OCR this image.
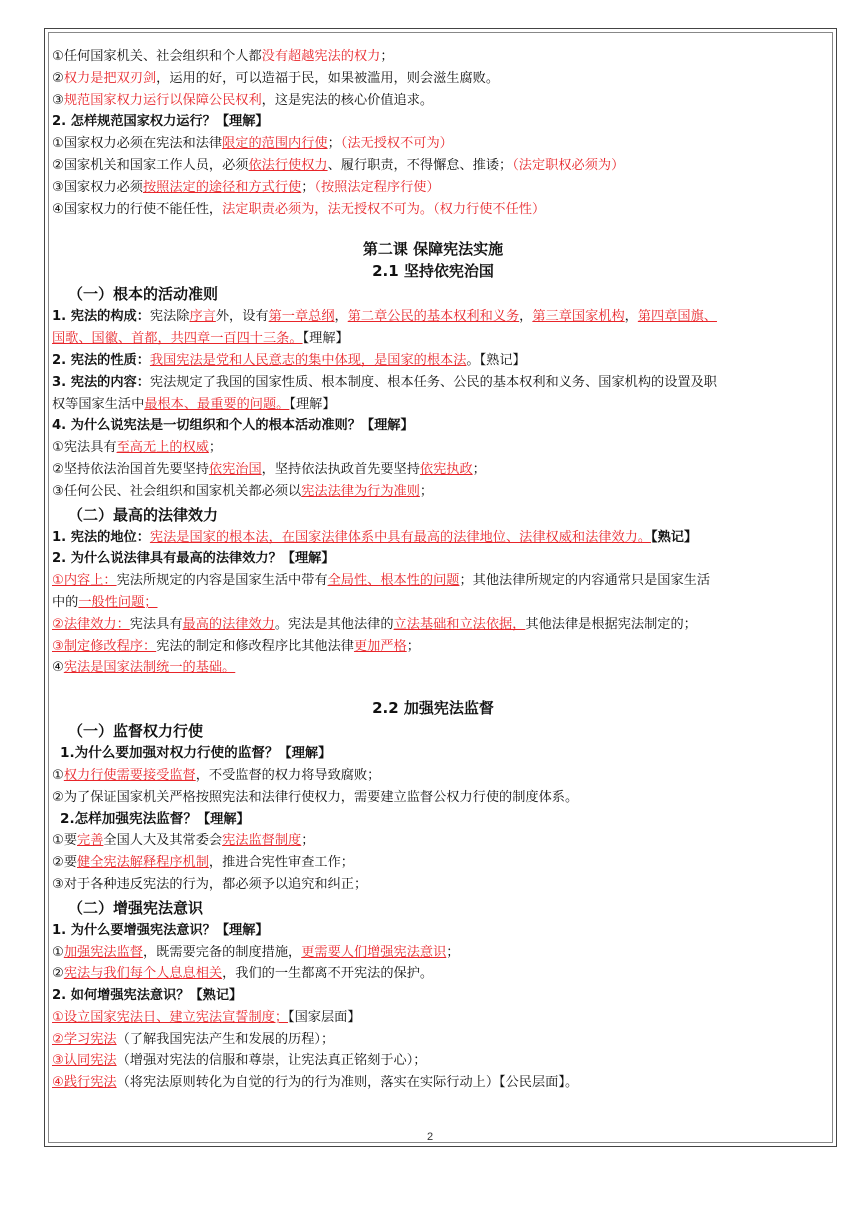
①任何国家机关、社会组织和个人都没有超越宪法的权力；
②权力是把双刃剑，运用的好，可以造福于民，如果被滥用，则会滋生腐败。
③规范国家权力运行以保障公民权利，这是宪法的核心价值追求。
2. 怎样规范国家权力运行？【理解】
①国家权力必须在宪法和法律限定的范围内行使；（法无授权不可为）
②国家机关和国家工作人员，必须依法行使权力、履行职责，不得懈怠、推诿；（法定职权必须为）
③国家权力必须按照法定的途径和方式行使；（按照法定程序行使）
④国家权力的行使不能任性，法定职责必须为，法无授权不可为。（权力行使不任性）
第二课 保障宪法实施
2.1 坚持依宪治国
（一）根本的活动准则
1. 宪法的构成：宪法除序言外，设有第一章总纲，第二章公民的基本权利和义务，第三章国家机构，第四章国旗、
国歌、国徽、首都，共四章一百四十三条。【理解】
2. 宪法的性质：我国宪法是党和人民意志的集中体现，是国家的根本法。【熟记】
3. 宪法的内容：宪法规定了我国的国家性质、根本制度、根本任务、公民的基本权利和义务、国家机构的设置及职
权等国家生活中最根本、最重要的问题。【理解】
4. 为什么说宪法是一切组织和个人的根本活动准则？【理解】
①宪法具有至高无上的权威；
②坚持依法治国首先要坚持依宪治国，坚持依法执政首先要坚持依宪执政；
③任何公民、社会组织和国家机关都必须以宪法法律为行为准则；
（二）最高的法律效力
1. 宪法的地位：宪法是国家的根本法，在国家法律体系中具有最高的法律地位、法律权威和法律效力。【熟记】
2. 为什么说法律具有最高的法律效力？【理解】
①内容上：宪法所规定的内容是国家生活中带有全局性、根本性的问题；其他法律所规定的内容通常只是国家生活
中的一般性问题；
②法律效力：宪法具有最高的法律效力。宪法是其他法律的立法基础和立法依据，其他法律是根据宪法制定的；
③制定修改程序：宪法的制定和修改程序比其他法律更加严格；
④宪法是国家法制统一的基础。
2.2 加强宪法监督
（一）监督权力行使
1.为什么要加强对权力行使的监督？【理解】
①权力行使需要接受监督，不受监督的权力将导致腐败；
②为了保证国家机关严格按照宪法和法律行使权力，需要建立监督公权力行使的制度体系。
2.怎样加强宪法监督？【理解】
①要完善全国人大及其常委会宪法监督制度；
②要健全宪法解释程序机制，推进合宪性审查工作；
③对于各种违反宪法的行为，都必须予以追究和纠正；
（二）增强宪法意识
1. 为什么要增强宪法意识？【理解】
①加强宪法监督，既需要完备的制度措施，更需要人们增强宪法意识；
②宪法与我们每个人息息相关，我们的一生都离不开宪法的保护。
2. 如何增强宪法意识？【熟记】
①设立国家宪法日、建立宪法宣誓制度；【国家层面】
②学习宪法（了解我国宪法产生和发展的历程）；
③认同宪法（增强对宪法的信服和尊崇，让宪法真正铭刻于心）；
④践行宪法（将宪法原则转化为自觉的行为的行为准则，落实在实际行动上）【公民层面】。
2
